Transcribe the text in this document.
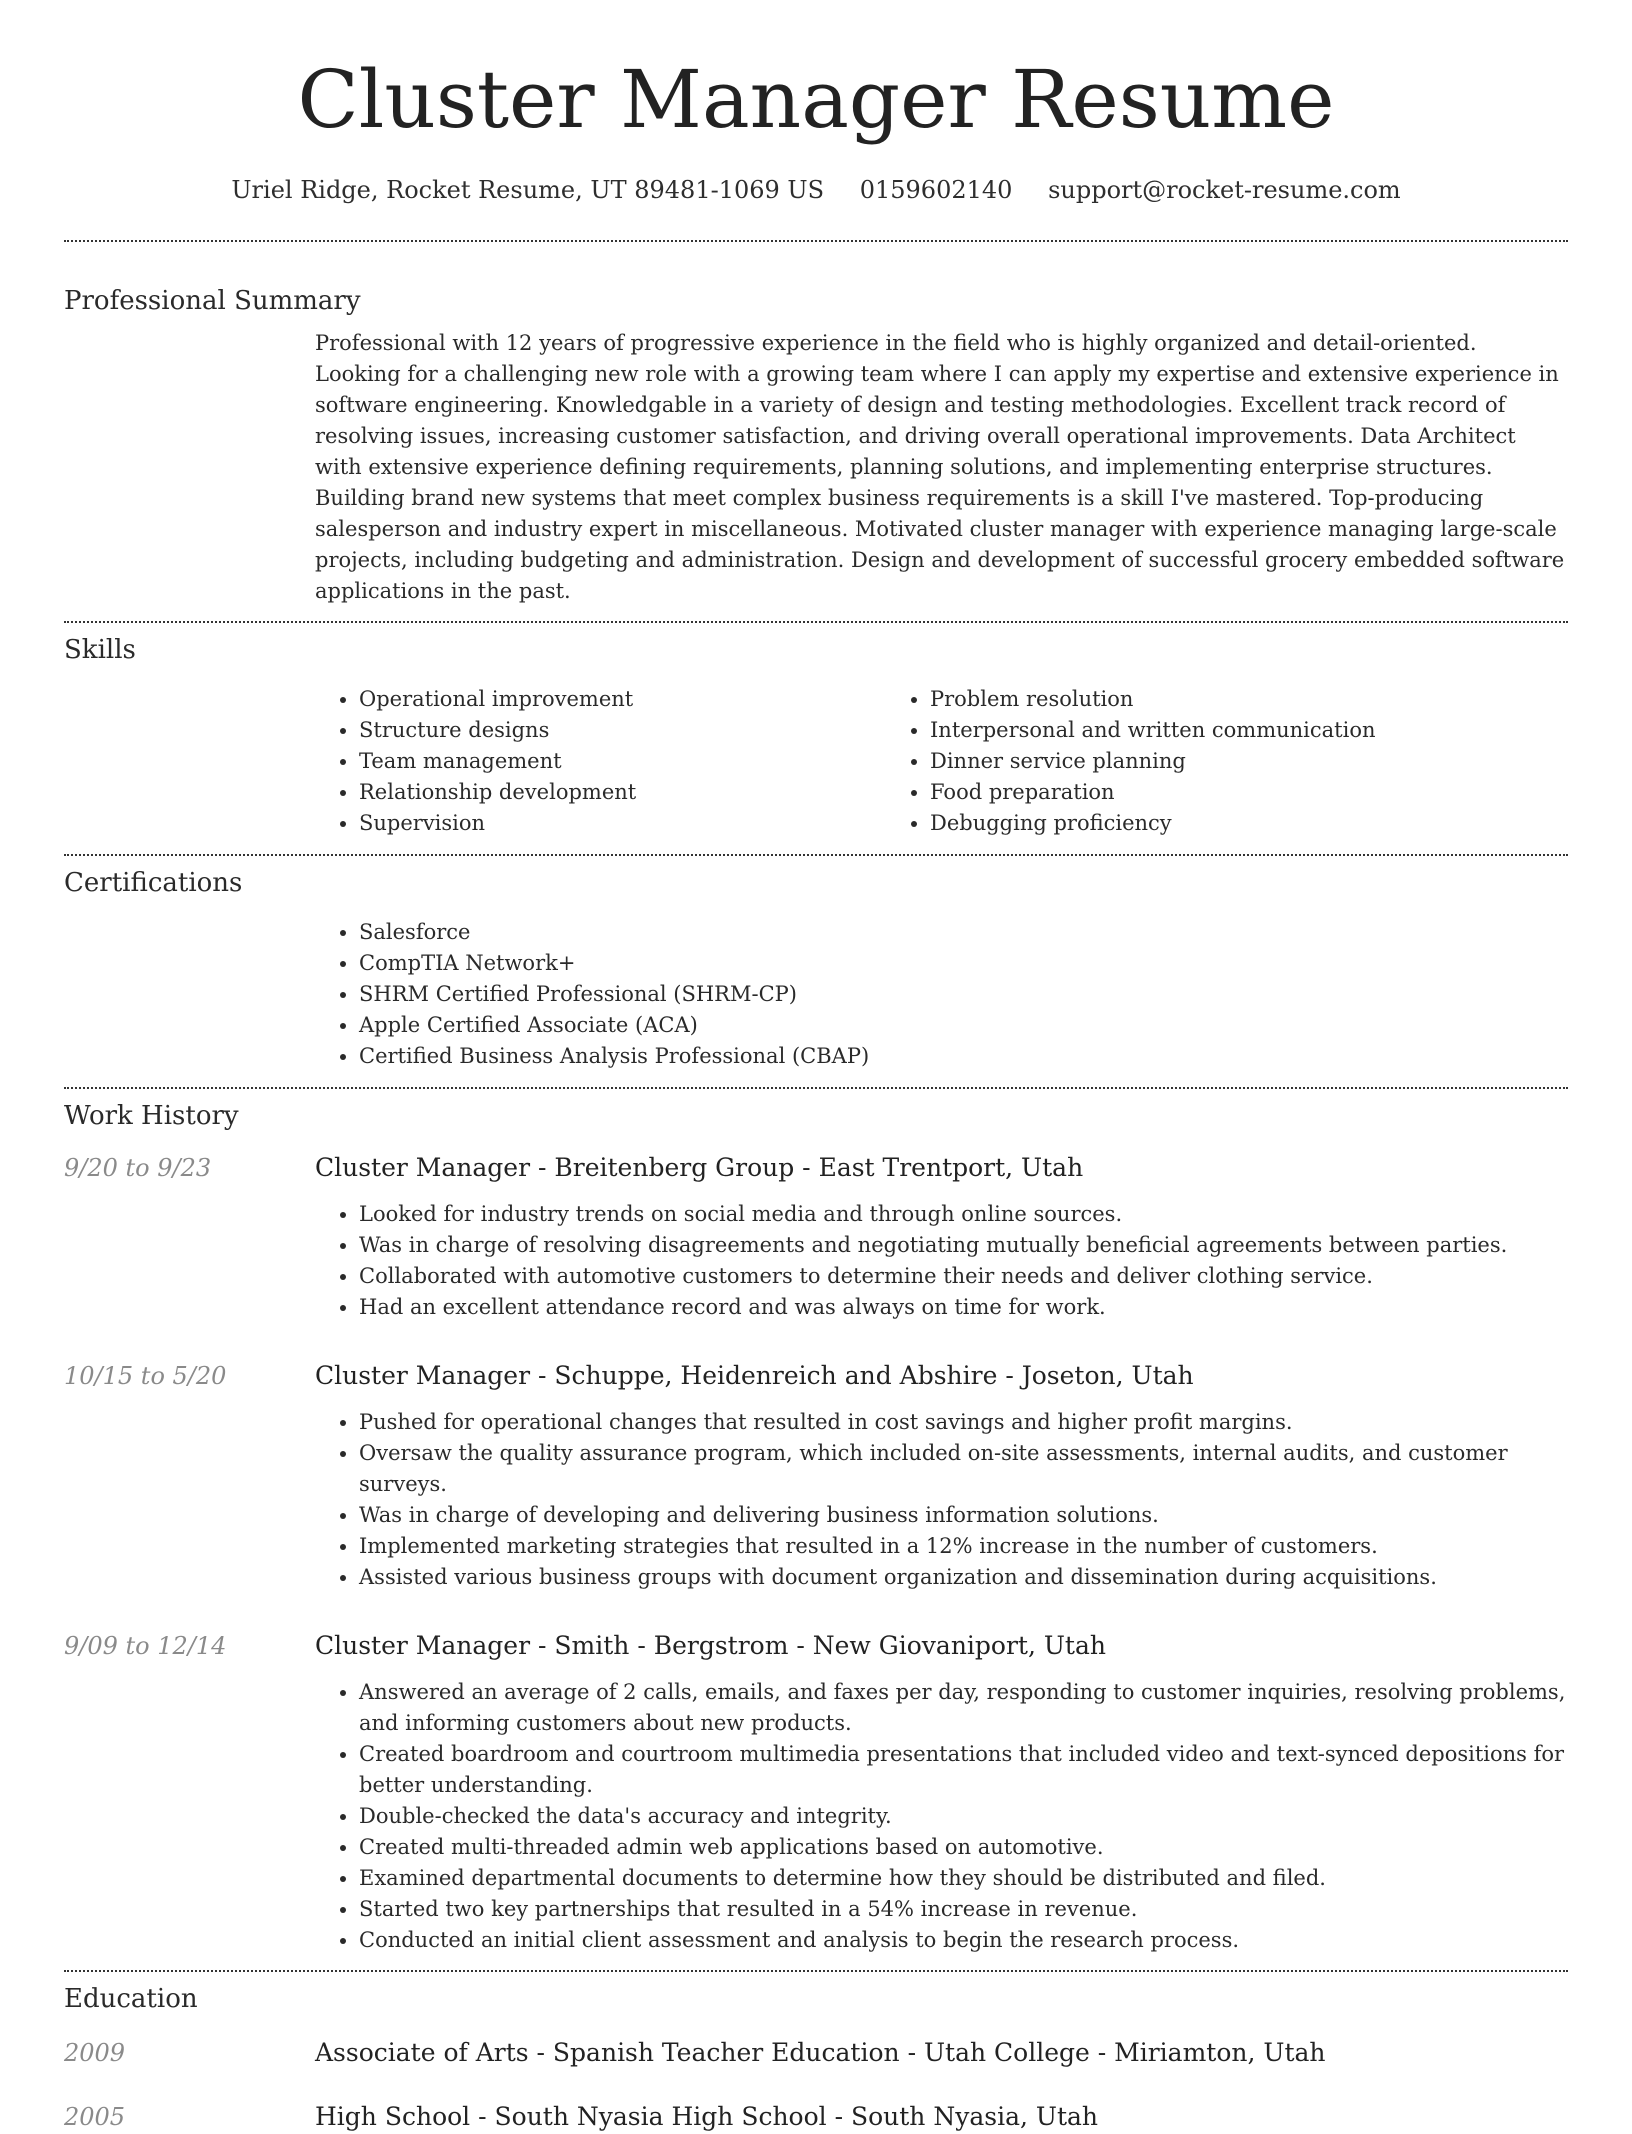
Cluster Manager Resume
Uriel Ridge, Rocket Resume, UT 89481-1069 US 0159602140 support@rocket-resume.com
Professional Summary

Professional with 12 years of progressive experience in the field who is highly organized and detail-oriented. Looking for a challenging new role with a growing team where I can apply my expertise and extensive experience in software engineering. Knowledgable in a variety of design and testing methodologies. Excellent track record of resolving issues, increasing customer satisfaction, and driving overall operational improvements. Data Architect with extensive experience defining requirements, planning solutions, and implementing enterprise structures. Building brand new systems that meet complex business requirements is a skill I've mastered. Top-producing salesperson and industry expert in miscellaneous. Motivated cluster manager with experience managing large-scale projects, including budgeting and administration. Design and development of successful grocery embedded software applications in the past.

Skills
• Operational improvement
• Structure designs
• Team management
• Relationship development
• Supervision
• Problem resolution
• Interpersonal and written communication
• Dinner service planning
• Food preparation
• Debugging proficiency
Certifications
• Salesforce
• CompTIA Network+
• SHRM Certified Professional (SHRM-CP)
• Apple Certified Associate (ACA)
• Certified Business Analysis Professional (CBAP)
Work History
9/20 to 9/23	Cluster Manager - Breitenberg Group - East Trentport, Utah
• Looked for industry trends on social media and through online sources.
• Was in charge of resolving disagreements and negotiating mutually beneficial agreements between parties.
• Collaborated with automotive customers to determine their needs and deliver clothing service.
• Had an excellent attendance record and was always on time for work.
10/15 to 5/20	Cluster Manager - Schuppe, Heidenreich and Abshire - Joseton, Utah
• Pushed for operational changes that resulted in cost savings and higher profit margins.
• Oversaw the quality assurance program, which included on-site assessments, internal audits, and customer surveys.
• Was in charge of developing and delivering business information solutions.
• Implemented marketing strategies that resulted in a 12% increase in the number of customers.
• Assisted various business groups with document organization and dissemination during acquisitions.
9/09 to 12/14	Cluster Manager - Smith - Bergstrom - New Giovaniport, Utah
• Answered an average of 2 calls, emails, and faxes per day, responding to customer inquiries, resolving problems, and informing customers about new products.
• Created boardroom and courtroom multimedia presentations that included video and text-synced depositions for better understanding.
• Double-checked the data's accuracy and integrity.
• Created multi-threaded admin web applications based on automotive.
• Examined departmental documents to determine how they should be distributed and filed.
• Started two key partnerships that resulted in a 54% increase in revenue.
• Conducted an initial client assessment and analysis to begin the research process.
Education
2009	Associate of Arts - Spanish Teacher Education - Utah College - Miriamton, Utah
2005	High School - South Nyasia High School - South Nyasia, Utah
